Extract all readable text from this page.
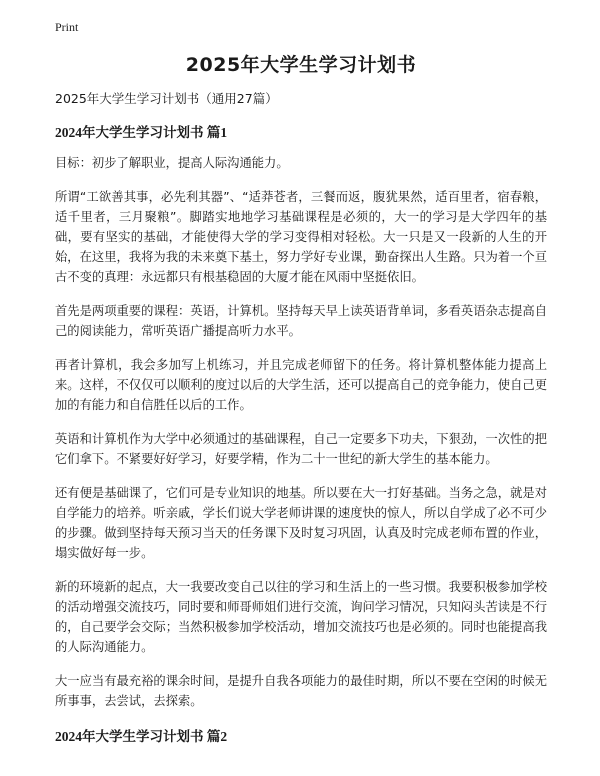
Print
2025年大学生学习计划书
2025年大学生学习计划书（通用27篇）
2024年大学生学习计划书 篇1

目标：初步了解职业，提高人际沟通能力。

所谓“工欲善其事，必先利其器”、“适莽苍者，三餐而返，腹犹果然，适百里者，宿春粮，适千里者，三月聚粮”。脚踏实地地学习基础课程是必须的，大一的学习是大学四年的基础，要有坚实的基础，才能使得大学的学习变得相对轻松。大一只是又一段新的人生的开始，在这里，我将为我的未来奠下基土，努力学好专业课，勤奋探出人生路。只为着一个亘古不变的真理：永远都只有根基稳固的大厦才能在风雨中坚挺依旧。

首先是两项重要的课程：英语，计算机。坚持每天早上读英语背单词，多看英语杂志提高自己的阅读能力，常听英语广播提高听力水平。

再者计算机，我会多加写上机练习，并且完成老师留下的任务。将计算机整体能力提高上来。这样，不仅仅可以顺利的度过以后的大学生活，还可以提高自己的竞争能力，使自己更加的有能力和自信胜任以后的工作。

英语和计算机作为大学中必须通过的基础课程，自己一定要多下功夫，下狠劲，一次性的把它们拿下。不紧要好好学习，好要学精，作为二十一世纪的新大学生的基本能力。

还有便是基础课了，它们可是专业知识的地基。所以要在大一打好基础。当务之急，就是对自学能力的培养。听亲戚，学长们说大学老师讲课的速度快的惊人，所以自学成了必不可少的步骤。做到坚持每天预习当天的任务课下及时复习巩固，认真及时完成老师布置的作业，塌实做好每一步。

新的环境新的起点，大一我要改变自己以往的学习和生活上的一些习惯。我要积极参加学校的活动增强交流技巧，同时要和师哥师姐们进行交流，询问学习情况，只知闷头苦读是不行的，自己要学会交际；当然积极参加学校活动，增加交流技巧也是必须的。同时也能提高我的人际沟通能力。

大一应当有最充裕的课余时间，是提升自我各项能力的最佳时期，所以不要在空闲的时候无所事事，去尝试，去探索。

2024年大学生学习计划书 篇2
